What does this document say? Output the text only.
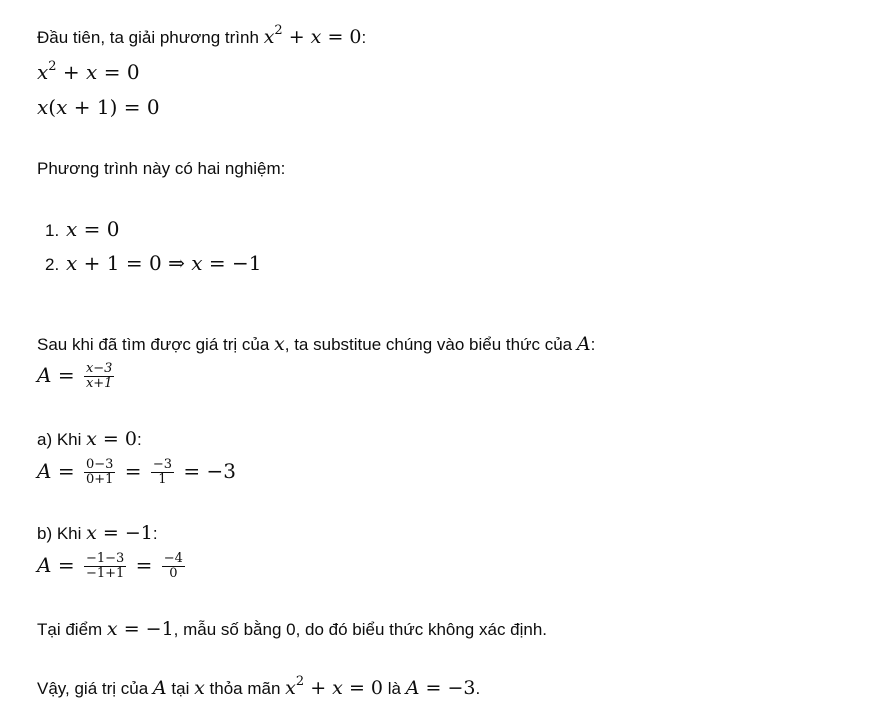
Đầu tiên, ta giải phương trình $x^2 + x = 0$:
$x^2 + x = 0$
x(x + 1) = 0
Phương trình này có hai nghiệm:
1. x = 0
2. x + 1 = 0 ⇒ x = −1
Sau khi đã tìm được giá trị của x, ta substitue chúng vào biểu thức của A:
$A = \frac{x-3}{x+1}$
a) Khi x = 0:
$A = \frac{0-3}{0+1} = \frac{-3}{1} = -3$
b) Khi x = −1:
$A = \frac{-1-3}{-1+1} = \frac{-4}{0}$
Tại điểm x = −1, mẫu số bằng 0, do đó biểu thức không xác định.
Vậy, giá trị của A tại x thỏa mãn $x^2 + x = 0$ là A = −3.
